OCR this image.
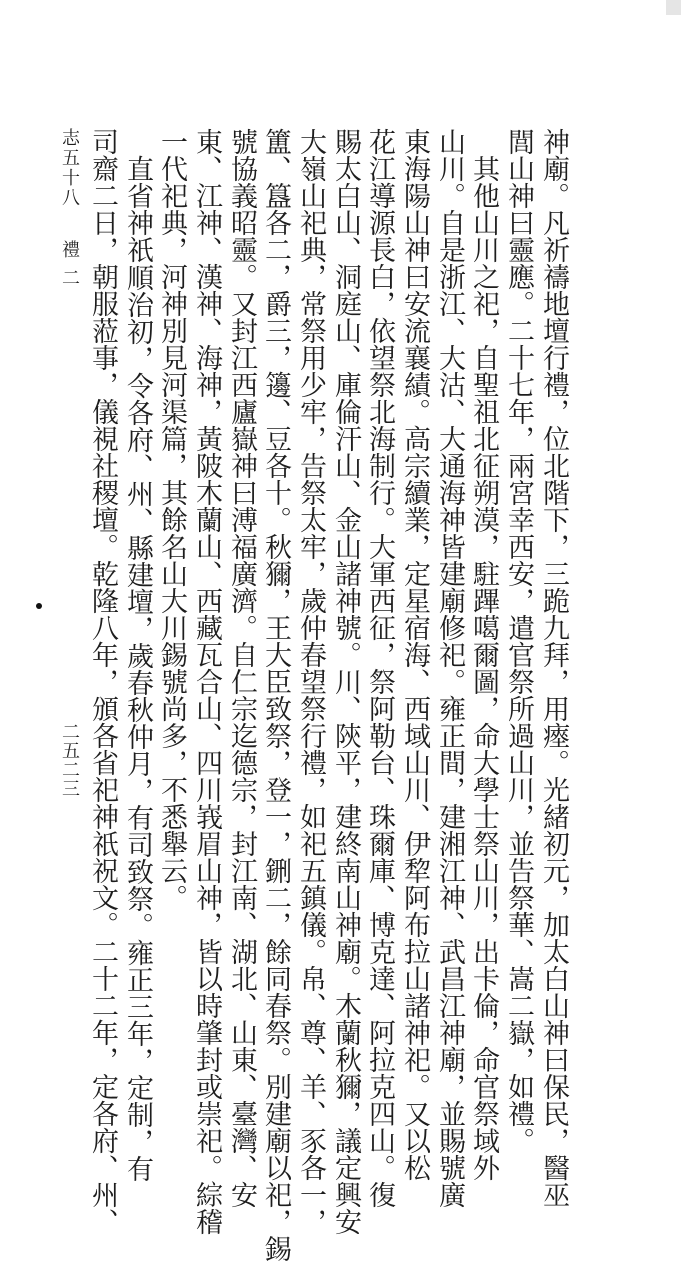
神廟。凡祈禱地壇行禮，位北階下，三跪九拜，用瘞。光緒初元，加太白山神曰保民，醫巫
閭山神曰靈應。二十七年，兩宮幸西安，遣官祭所過山川，並告祭華、嵩二嶽，如禮。
其他山川之祀，自聖祖北征朔漠，駐蹕噶爾圖，命大學士祭山川，出卡倫，命官祭域外
山川。自是浙江、大沽、大通海神皆建廟修祀。雍正間，建湘江神、武昌江神廟，並賜號廣
東海陽山神曰安流襄績。高宗續業，定星宿海、西域山川、伊犂阿布拉山諸神祀。又以松
花江導源長白，依望祭北海制行。大軍西征，祭阿勒台、珠爾庫、博克達、阿拉克四山。復
賜太白山、洞庭山、庫倫汗山、金山諸神號。川、陝平，建終南山神廟。木蘭秋獮，議定興安
大嶺山祀典，常祭用少牢，告祭太牢，歲仲春望祭行禮，如祀五鎮儀。帛、尊、羊、豕各一，
簠、簋各二，爵三，籩、豆各十。秋獮，王大臣致祭，登一，鉶二，餘同春祭。別建廟以祀，錫
號協義昭靈。又封江西廬嶽神曰溥福廣濟。自仁宗迄德宗，封江南、湖北、山東、臺灣、安
東、江神、漢神、海神，黃陂木蘭山、西藏瓦合山、四川峩眉山神，皆以時肇封或崇祀。綜稽
一代祀典，河神別見河渠篇，其餘名山大川錫號尚多，不悉舉云。
直省神祇
順治初，令各府、州、縣建壇，歲春秋仲月，有司致祭。雍正三年，定制，有
司齋二日，朝服蒞事，儀視社稷壇。乾隆八年，頒各省祀神祇祝文。二十二年，定各府、州、
志五十八
禮二
二五二三
